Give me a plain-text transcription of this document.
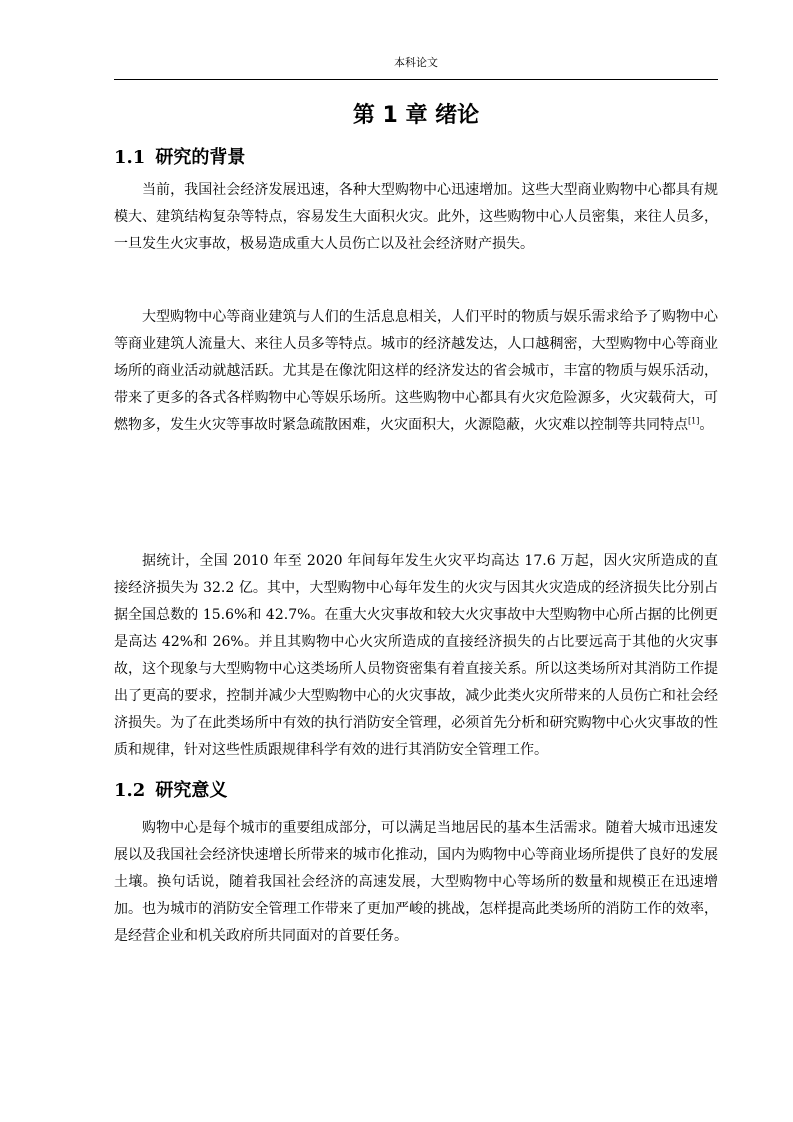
本科论文
第 1 章 绪论
1.1 研究的背景

当前，我国社会经济发展迅速，各种大型购物中心迅速增加。这些大型商业购物中心都具有规模大、建筑结构复杂等特点，容易发生大面积火灾。此外，这些购物中心人员密集，来往人员多，一旦发生火灾事故，极易造成重大人员伤亡以及社会经济财产损失。

大型购物中心等商业建筑与人们的生活息息相关，人们平时的物质与娱乐需求给予了购物中心等商业建筑人流量大、来往人员多等特点。城市的经济越发达，人口越稠密，大型购物中心等商业场所的商业活动就越活跃。尤其是在像沈阳这样的经济发达的省会城市，丰富的物质与娱乐活动，带来了更多的各式各样购物中心等娱乐场所。这些购物中心都具有火灾危险源多，火灾载荷大，可燃物多，发生火灾等事故时紧急疏散困难，火灾面积大，火源隐蔽，火灾难以控制等共同特点[1]。

据统计，全国 2010 年至 2020 年间每年发生火灾平均高达 17.6 万起，因火灾所造成的直接经济损失为 32.2 亿。其中，大型购物中心每年发生的火灾与因其火灾造成的经济损失比分别占据全国总数的 15.6%和 42.7%。在重大火灾事故和较大火灾事故中大型购物中心所占据的比例更是高达 42%和 26%。并且其购物中心火灾所造成的直接经济损失的占比要远高于其他的火灾事故，这个现象与大型购物中心这类场所人员物资密集有着直接关系。所以这类场所对其消防工作提出了更高的要求，控制并减少大型购物中心的火灾事故，减少此类火灾所带来的人员伤亡和社会经济损失。为了在此类场所中有效的执行消防安全管理，必须首先分析和研究购物中心火灾事故的性质和规律，针对这些性质跟规律科学有效的进行其消防安全管理工作。

1.2 研究意义

购物中心是每个城市的重要组成部分，可以满足当地居民的基本生活需求。随着大城市迅速发展以及我国社会经济快速增长所带来的城市化推动，国内为购物中心等商业场所提供了良好的发展土壤。换句话说，随着我国社会经济的高速发展，大型购物中心等场所的数量和规模正在迅速增加。也为城市的消防安全管理工作带来了更加严峻的挑战，怎样提高此类场所的消防工作的效率，是经营企业和机关政府所共同面对的首要任务。
